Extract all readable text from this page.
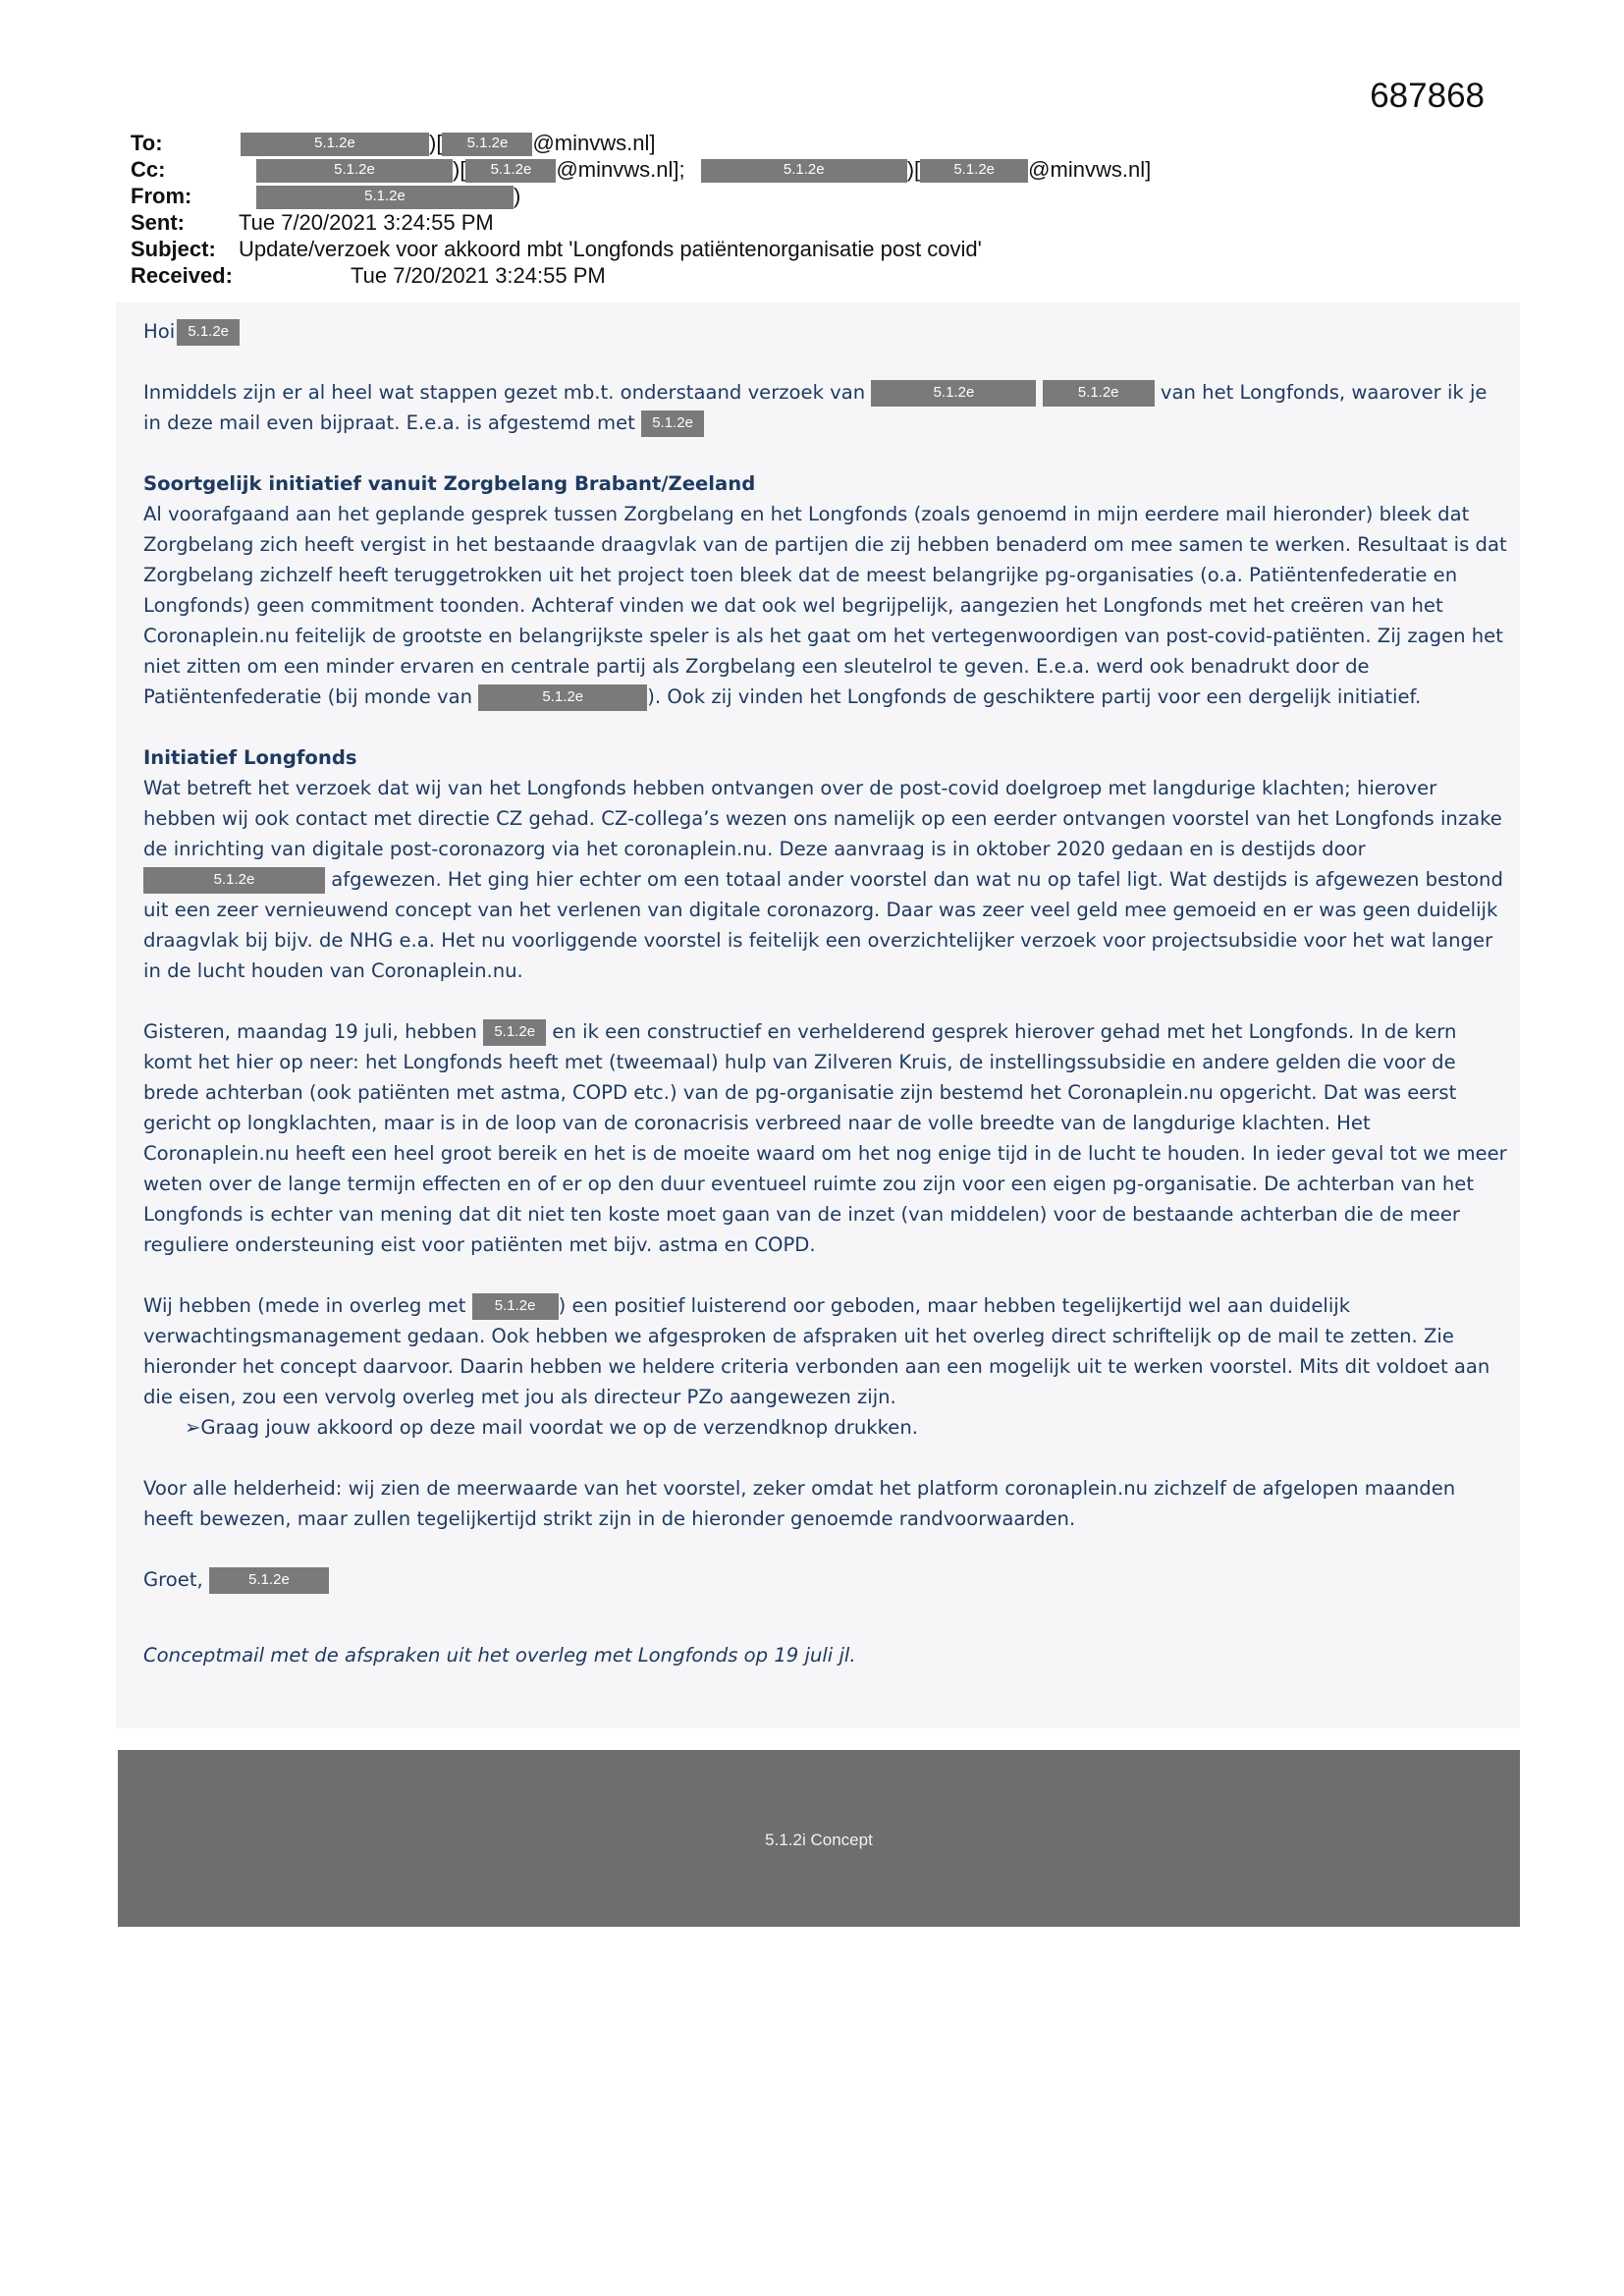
687868
To:	5.1.2e	)[ 5.1.2e @minvws.nl]
Cc:	5.1.2e	)[ 5.1.2e @minvws.nl];	5.1.2e	)[ 5.1.2e @minvws.nl]
From:	5.1.2e	)
Sent:	Tue 7/20/2021 3:24:55 PM
Subject: Update/verzoek voor akkoord mbt 'Longfonds patiëntenorganisatie post covid'
Received:	Tue 7/20/2021 3:24:55 PM

Hoi 5.1.2e

Inmiddels zijn er al heel wat stappen gezet mb.t. onderstaand verzoek van	5.1.2e	5.1.2e van het Longfonds, waarover ik je in deze mail even bijpraat. E.e.a. is afgestemd met 5.1.2e

Soortgelijk initiatief vanuit Zorgbelang Brabant/Zeeland
Al voorafgaand aan het geplande gesprek tussen Zorgbelang en het Longfonds (zoals genoemd in mijn eerdere mail hieronder) bleek dat Zorgbelang zich heeft vergist in het bestaande draagvlak van de partijen die zij hebben benaderd om mee samen te werken. Resultaat is dat Zorgbelang zichzelf heeft teruggetrokken uit het project toen bleek dat de meest belangrijke pg-organisaties (o.a. Patiëntenfederatie en Longfonds) geen commitment toonden. Achteraf vinden we dat ook wel begrijpelijk, aangezien het Longfonds met het creëren van het Coronaplein.nu feitelijk de grootste en belangrijkste speler is als het gaat om het vertegenwoordigen van post-covid-patiënten. Zij zagen het niet zitten om een minder ervaren en centrale partij als Zorgbelang een sleutelrol te geven. E.e.a. werd ook benadrukt door de Patiëntenfederatie (bij monde van	5.1.2e	). Ook zij vinden het Longfonds de geschiktere partij voor een dergelijk initiatief.

Initiatief Longfonds
Wat betreft het verzoek dat wij van het Longfonds hebben ontvangen over de post-covid doelgroep met langdurige klachten; hierover hebben wij ook contact met directie CZ gehad. CZ-collega’s wezen ons namelijk op een eerder ontvangen voorstel van het Longfonds inzake de inrichting van digitale post-coronazorg via het coronaplein.nu. Deze aanvraag is in oktober 2020 gedaan en is destijds door 5.1.2e	afgewezen. Het ging hier echter om een totaal ander voorstel dan wat nu op tafel ligt. Wat destijds is afgewezen bestond uit een zeer vernieuwend concept van het verlenen van digitale coronazorg. Daar was zeer veel geld mee gemoeid en er was geen duidelijk draagvlak bij bijv. de NHG e.a. Het nu voorliggende voorstel is feitelijk een overzichtelijker verzoek voor projectsubsidie voor het wat langer in de lucht houden van Coronaplein.nu.

Gisteren, maandag 19 juli, hebben 5.1.2e en ik een constructief en verhelderend gesprek hierover gehad met het Longfonds. In de kern komt het hier op neer: het Longfonds heeft met (tweemaal) hulp van Zilveren Kruis, de instellingssubsidie en andere gelden die voor de brede achterban (ook patiënten met astma, COPD etc.) van de pg-organisatie zijn bestemd het Coronaplein.nu opgericht. Dat was eerst gericht op longklachten, maar is in de loop van de coronacrisis verbreed naar de volle breedte van de langdurige klachten. Het Coronaplein.nu heeft een heel groot bereik en het is de moeite waard om het nog enige tijd in de lucht te houden. In ieder geval tot we meer weten over de lange termijn effecten en of er op den duur eventueel ruimte zou zijn voor een eigen pg-organisatie. De achterban van het Longfonds is echter van mening dat dit niet ten koste moet gaan van de inzet (van middelen) voor de bestaande achterban die de meer reguliere ondersteuning eist voor patiënten met bijv. astma en COPD.

Wij hebben (mede in overleg met 5.1.2e ) een positief luisterend oor geboden, maar hebben tegelijkertijd wel aan duidelijk verwachtingsmanagement gedaan. Ook hebben we afgesproken de afspraken uit het overleg direct schriftelijk op de mail te zetten. Zie hieronder het concept daarvoor. Daarin hebben we heldere criteria verbonden aan een mogelijk uit te werken voorstel. Mits dit voldoet aan die eisen, zou een vervolg overleg met jou als directeur PZo aangewezen zijn.

➢Graag jouw akkoord op deze mail voordat we op de verzendknop drukken.

Voor alle helderheid: wij zien de meerwaarde van het voorstel, zeker omdat het platform coronaplein.nu zichzelf de afgelopen maanden heeft bewezen, maar zullen tegelijkertijd strikt zijn in de hieronder genoemde randvoorwaarden.

Groet,	5.1.2e

Conceptmail met de afspraken uit het overleg met Longfonds op 19 juli jl.

5.1.2i Concept
